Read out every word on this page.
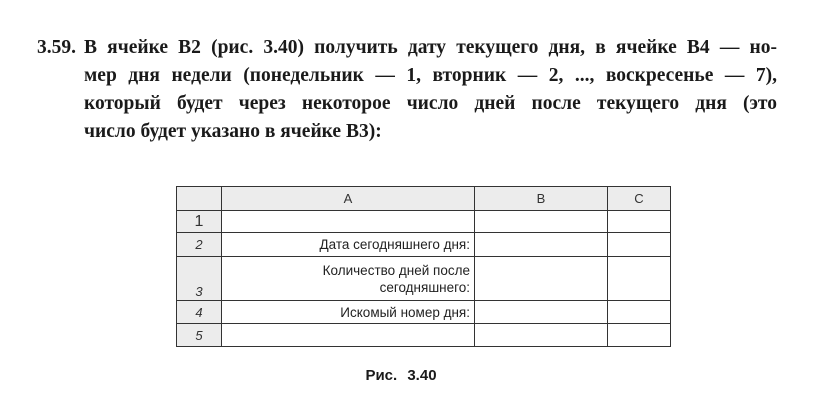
3.59. В ячейке В2 (рис. 3.40) получить дату текущего дня, в ячейке В4 — но-
мер дня недели (понедельник — 1, вторник — 2, ..., воскресенье — 7),
который будет через некоторое число дней после текущего дня (это
число будет указано в ячейке В3):
	A	B	C
1			
2	Дата сегодняшнего дня:		
3	Количество дней после
сегодняшнего:		

4	Искомый номер дня:		
5			
Рис. 3.40
